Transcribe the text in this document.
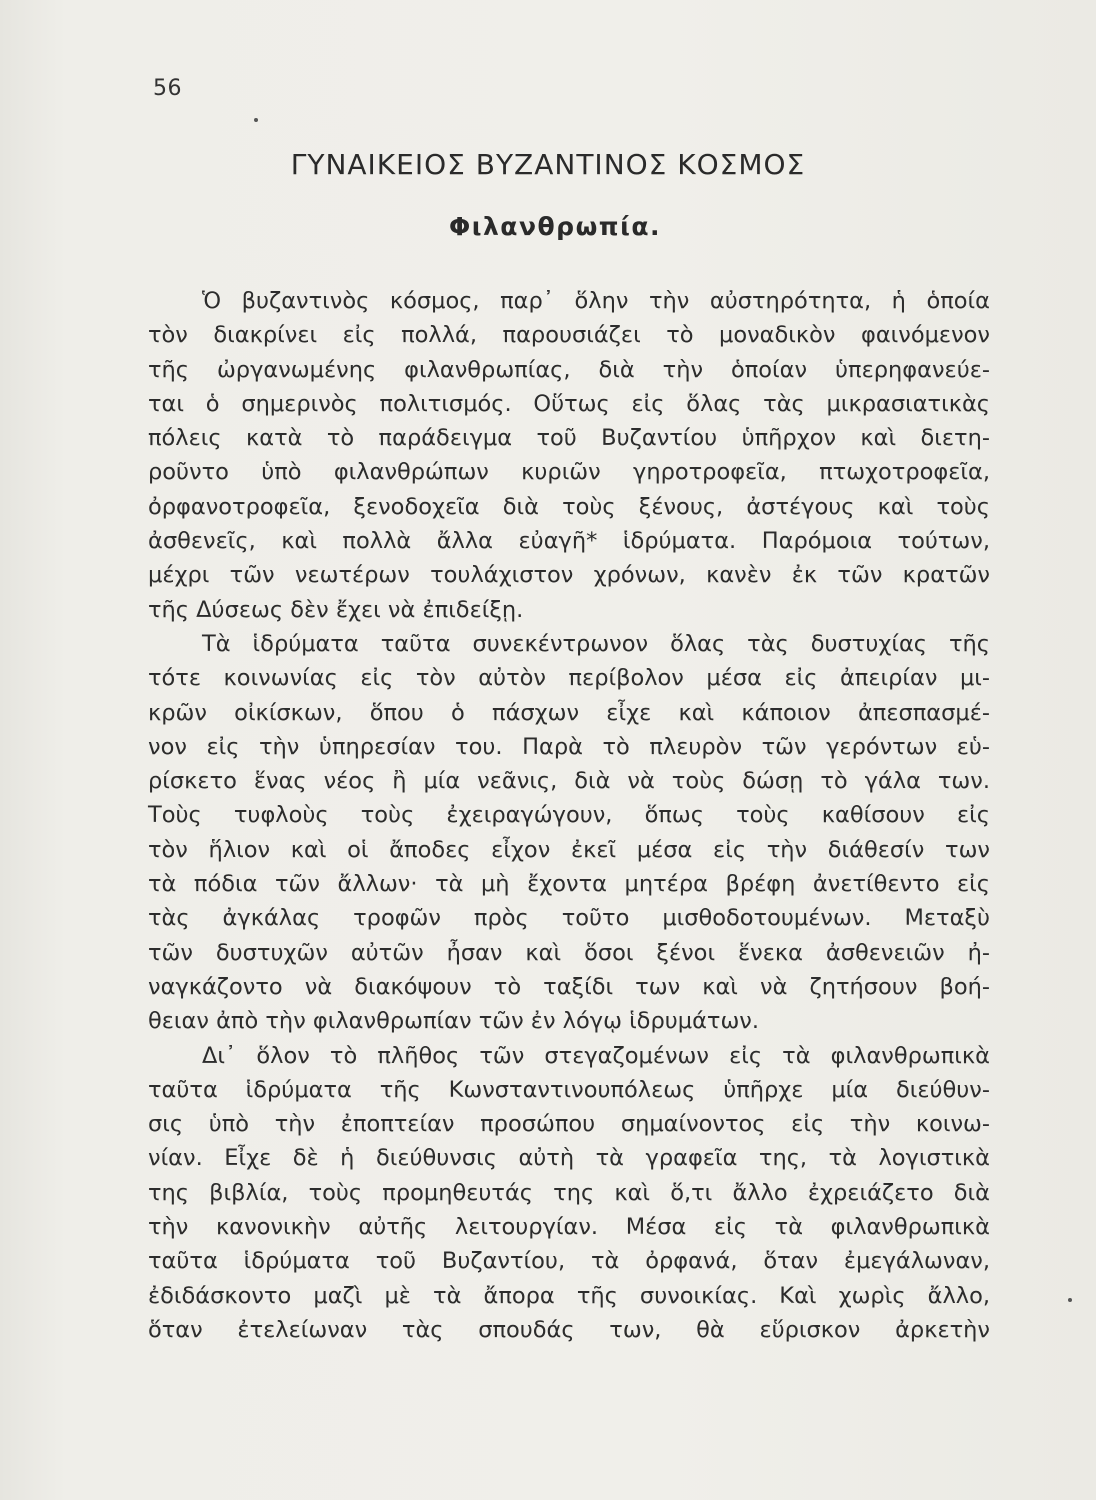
56
ΓΥΝΑΙΚΕΙΟΣ ΒΥΖΑΝΤΙΝΟΣ ΚΟΣΜΟΣ
Φιλανθρωπία.
Ὁ βυζαντινὸς κόσμος, παρ᾿ ὅλην τὴν αὐστηρότητα, ἡ ὁποία
τὸν διακρίνει εἰς πολλά, παρουσιάζει τὸ μοναδικὸν φαινόμενον
τῆς ὠργανωμένης φιλανθρωπίας, διὰ τὴν ὁποίαν ὑπερηφανεύε-
ται ὁ σημερινὸς πολιτισμός. Οὕτως εἰς ὅλας τὰς μικρασιατικὰς
πόλεις κατὰ τὸ παράδειγμα τοῦ Βυζαντίου ὑπῆρχον καὶ διετη-
ροῦντο ὑπὸ φιλανθρώπων κυριῶν γηροτροφεῖα, πτωχοτροφεῖα,
ὀρφανοτροφεῖα, ξενοδοχεῖα διὰ τοὺς ξένους, ἀστέγους καὶ τοὺς
ἀσθενεῖς, καὶ πολλὰ ἄλλα εὐαγῆ* ἱδρύματα. Παρόμοια τούτων,
μέχρι τῶν νεωτέρων τουλάχιστον χρόνων, κανὲν ἐκ τῶν κρατῶν
τῆς Δύσεως δὲν ἔχει νὰ ἐπιδείξῃ.
Τὰ ἱδρύματα ταῦτα συνεκέντρωνον ὅλας τὰς δυστυχίας τῆς
τότε κοινωνίας εἰς τὸν αὐτὸν περίβολον μέσα εἰς ἀπειρίαν μι-
κρῶν οἰκίσκων, ὅπου ὁ πάσχων εἶχε καὶ κάποιον ἀπεσπασμέ-
νον εἰς τὴν ὑπηρεσίαν του. Παρὰ τὸ πλευρὸν τῶν γερόντων εὑ-
ρίσκετο ἕνας νέος ἢ μία νεᾶνις, διὰ νὰ τοὺς δώσῃ τὸ γάλα των.
Τοὺς τυφλοὺς τοὺς ἐχειραγώγουν, ὅπως τοὺς καθίσουν εἰς
τὸν ἥλιον καὶ οἱ ἄποδες εἶχον ἐκεῖ μέσα εἰς τὴν διάθεσίν των
τὰ πόδια τῶν ἄλλων· τὰ μὴ ἔχοντα μητέρα βρέφη ἀνετίθεντο εἰς
τὰς ἀγκάλας τροφῶν πρὸς τοῦτο μισθοδοτουμένων. Μεταξὺ
τῶν δυστυχῶν αὐτῶν ἦσαν καὶ ὅσοι ξένοι ἕνεκα ἀσθενειῶν ἠ-
ναγκάζοντο νὰ διακόψουν τὸ ταξίδι των καὶ νὰ ζητήσουν βοή-
θειαν ἀπὸ τὴν φιλανθρωπίαν τῶν ἐν λόγῳ ἱδρυμάτων.
Δι᾿ ὅλον τὸ πλῆθος τῶν στεγαζομένων εἰς τὰ φιλανθρωπικὰ
ταῦτα ἱδρύματα τῆς Κωνσταντινουπόλεως ὑπῆρχε μία διεύθυν-
σις ὑπὸ τὴν ἐποπτείαν προσώπου σημαίνοντος εἰς τὴν κοινω-
νίαν. Εἶχε δὲ ἡ διεύθυνσις αὐτὴ τὰ γραφεῖα της, τὰ λογιστικὰ
της βιβλία, τοὺς προμηθευτάς της καὶ ὅ,τι ἄλλο ἐχρειάζετο διὰ
τὴν κανονικὴν αὐτῆς λειτουργίαν. Μέσα εἰς τὰ φιλανθρωπικὰ
ταῦτα ἱδρύματα τοῦ Βυζαντίου, τὰ ὀρφανά, ὅταν ἐμεγάλωναν,
ἐδιδάσκοντο μαζὶ μὲ τὰ ἄπορα τῆς συνοικίας. Καὶ χωρὶς ἄλλο,
ὅταν ἐτελείωναν τὰς σπουδάς των, θὰ εὕρισκον ἀρκετὴν
